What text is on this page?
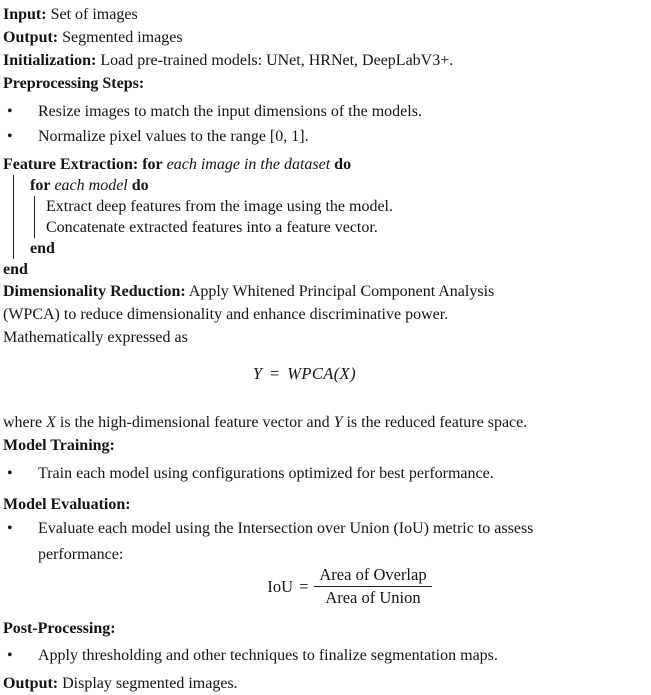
Input: Set of images
Output: Segmented images
Initialization: Load pre-trained models: UNet, HRNet, DeepLabV3+.
Preprocessing Steps:
• Resize images to match the input dimensions of the models.
• Normalize pixel values to the range [0, 1].
Feature Extraction: for each image in the dataset do
for each model do
Extract deep features from the image using the model.
Concatenate extracted features into a feature vector.
end
end
Dimensionality Reduction: Apply Whitened Principal Component Analysis
(WPCA) to reduce dimensionality and enhance discriminative power.
Mathematically expressed as
Y = WPCA(X)
where X is the high-dimensional feature vector and Y is the reduced feature space.
Model Training:
• Train each model using configurations optimized for best performance.
Model Evaluation:
• Evaluate each model using the Intersection over Union (IoU) metric to assess
performance:
IoU = $\frac{\text{Area of Overlap}}{\text{Area of Union}}$
Post-Processing:
• Apply thresholding and other techniques to finalize segmentation maps.
Output: Display segmented images.
